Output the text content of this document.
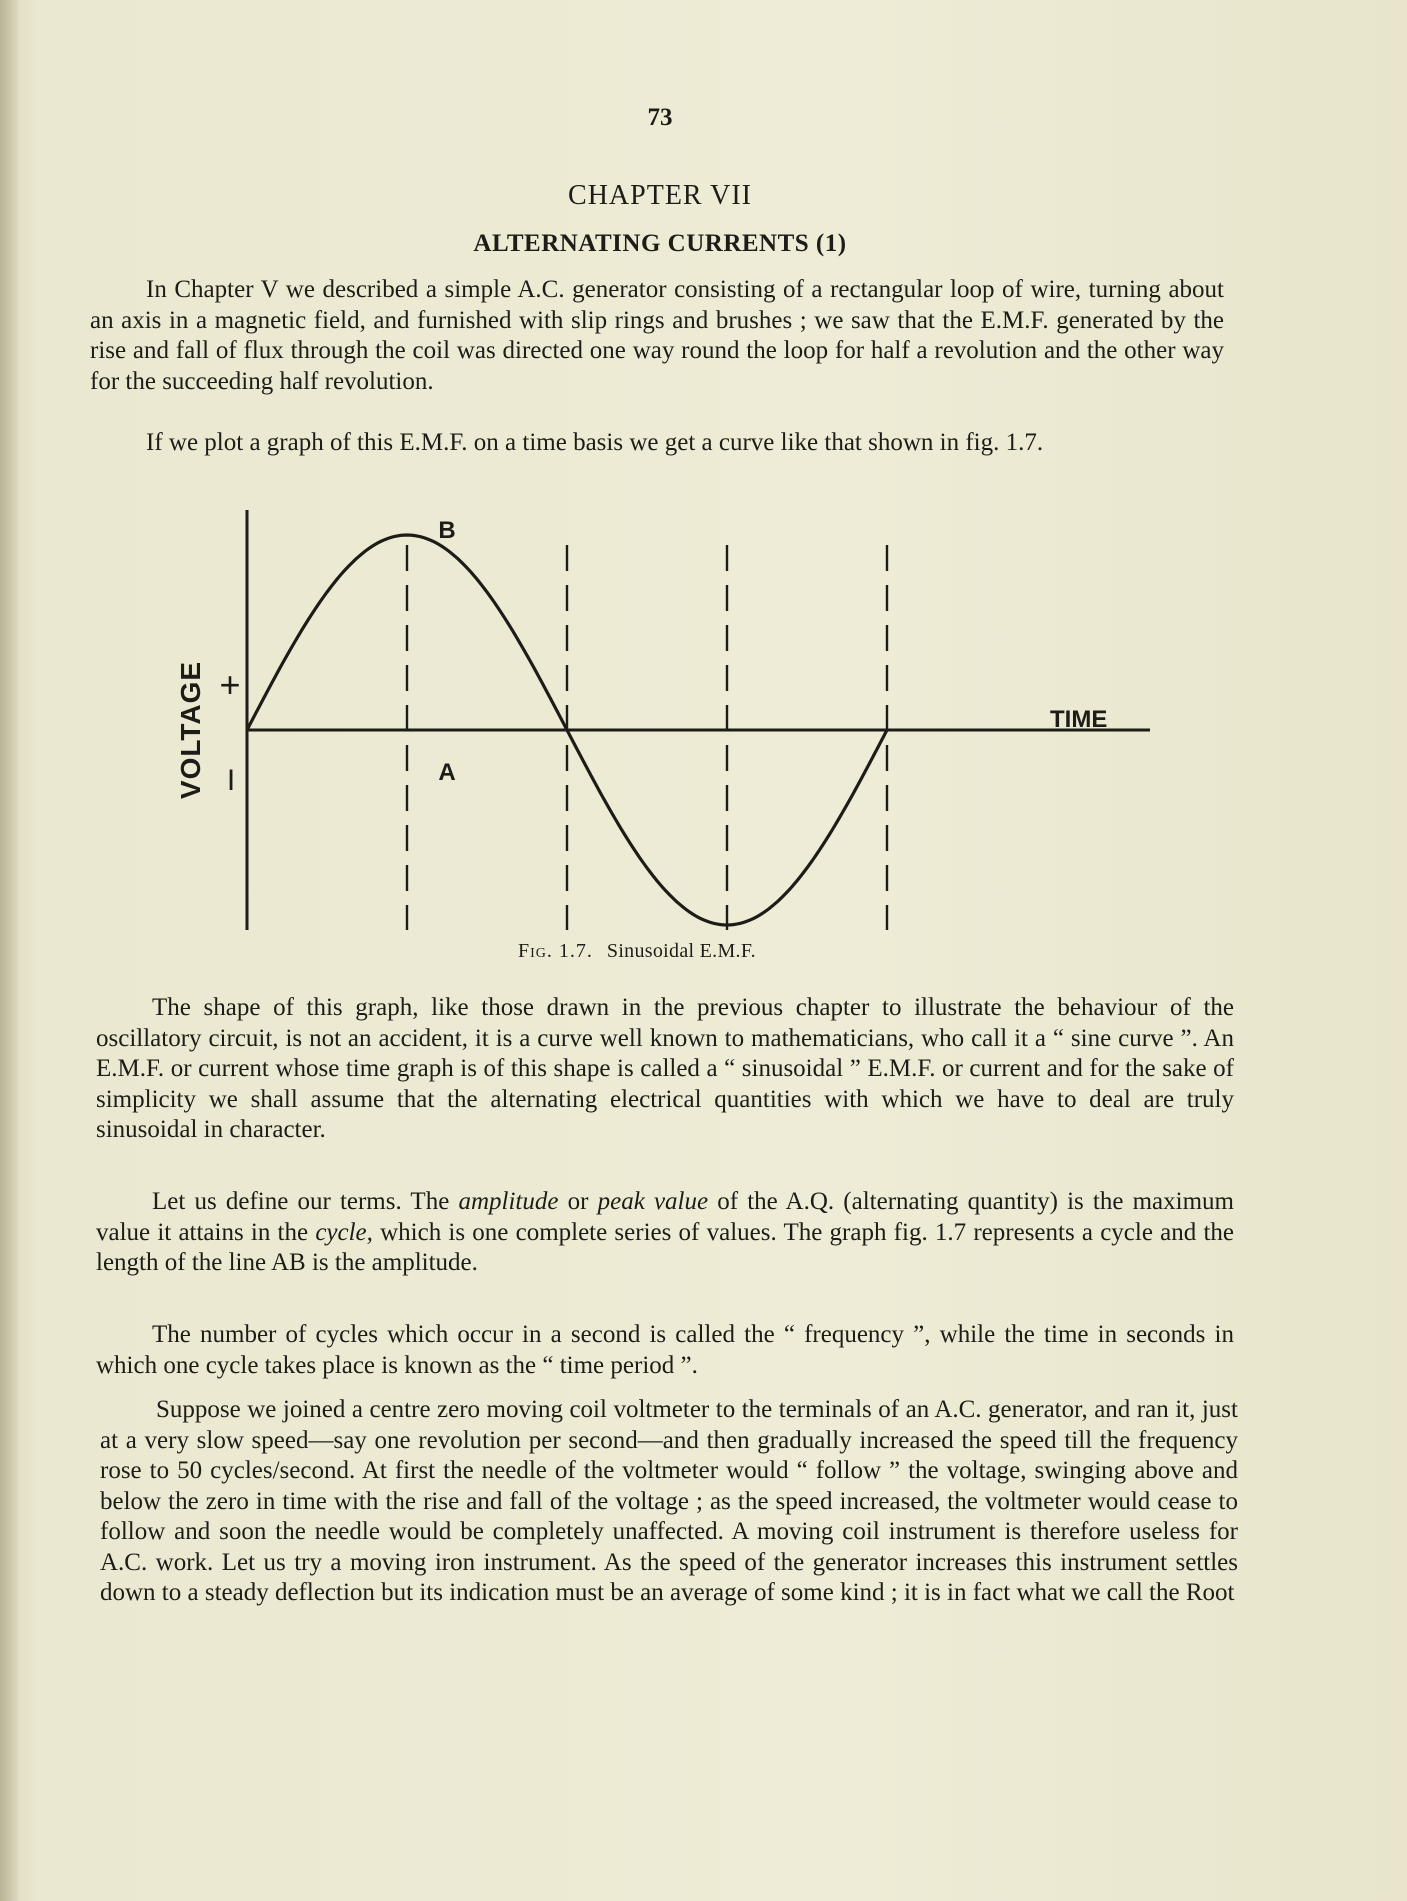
73
CHAPTER VII
ALTERNATING CURRENTS (1)

In Chapter V we described a simple A.C. generator consisting of a rectangular loop of wire, turning about an axis in a magnetic field, and furnished with slip rings and brushes ; we saw that the E.M.F. generated by the rise and fall of flux through the coil was directed one way round the loop for half a revolution and the other way for the succeeding half revolution.

If we plot a graph of this E.M.F. on a time basis we get a curve like that shown in fig. 1.7.

B
A
TIME
+
I
VOLTAGE
Fig. 1.7. Sinusoidal E.M.F.

The shape of this graph, like those drawn in the previous chapter to illustrate the behaviour of the oscillatory circuit, is not an accident, it is a curve well known to mathematicians, who call it a “ sine curve ”. An E.M.F. or current whose time graph is of this shape is called a “ sinusoidal ” E.M.F. or current and for the sake of simplicity we shall assume that the alternating electrical quantities with which we have to deal are truly sinusoidal in character.

Let us define our terms. The amplitude or peak value of the A.Q. (alternating quantity) is the maximum value it attains in the cycle, which is one complete series of values. The graph fig. 1.7 represents a cycle and the length of the line AB is the amplitude.

The number of cycles which occur in a second is called the “ frequency ”, while the time in seconds in which one cycle takes place is known as the “ time period ”.

Suppose we joined a centre zero moving coil voltmeter to the terminals of an A.C. generator, and ran it, just at a very slow speed—say one revolution per second—and then gradually increased the speed till the frequency rose to 50 cycles/second. At first the needle of the voltmeter would “ follow ” the voltage, swinging above and below the zero in time with the rise and fall of the voltage ; as the speed increased, the voltmeter would cease to follow and soon the needle would be completely unaffected. A moving coil instrument is therefore useless for A.C. work. Let us try a moving iron instrument. As the speed of the generator increases this instrument settles down to a steady deflection but its indication must be an average of some kind ; it is in fact what we call the Root
